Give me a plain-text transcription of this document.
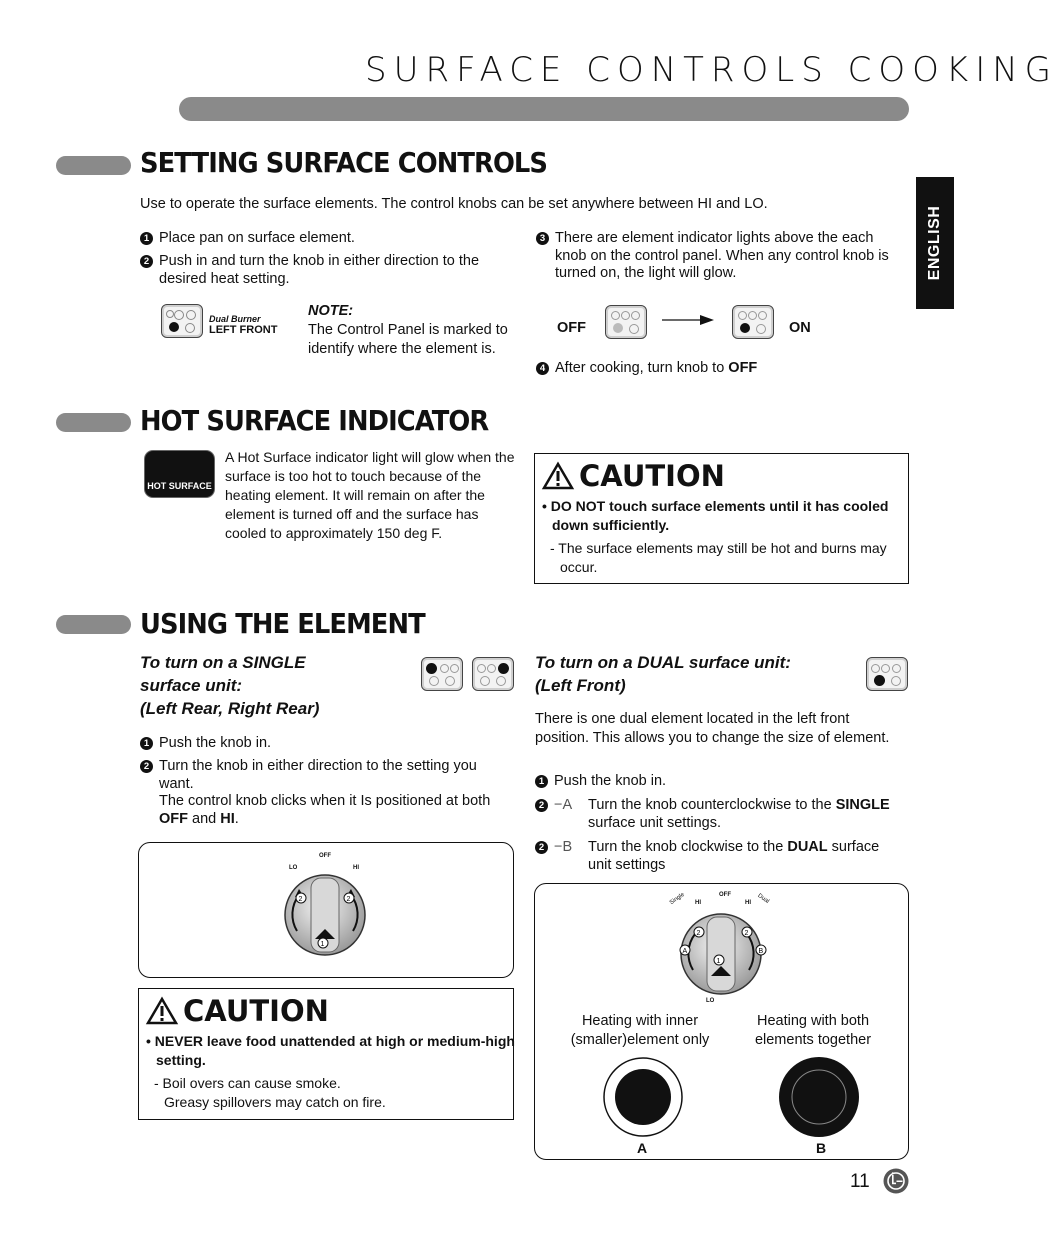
SURFACE CONTROLS COOKING
ENGLISH
SETTING SURFACE CONTROLS
Use to operate the surface elements. The control knobs can be set anywhere between HI and LO.
1 Place pan on surface element.
2 Push in and turn the knob in either direction to the desired heat setting.
Dual Burner
LEFT FRONT
NOTE:
The Control Panel is marked to identify where the element is.
3 There are element indicator lights above the each knob on the control panel. When any control knob is turned on, the light will glow.
OFF	ON
4 After cooking, turn knob to OFF
HOT SURFACE INDICATOR
HOT SURFACE
A Hot Surface indicator light will glow when the surface is too hot to touch because of the heating element. It will remain on after the element is turned off and the surface has cooled to approximately 150 deg F.
CAUTION
• DO NOT touch surface elements until it has cooled down sufficiently.
- The surface elements may still be hot and burns may occur.
USING THE ELEMENT
To turn on a SINGLE
surface unit:
(Left Rear, Right Rear)
1 Push the knob in.
2 Turn the knob in either direction to the setting you want.
The control knob clicks when it Is positioned at both OFF and HI.
2	2
1
OFF
LO	HI
CAUTION
• NEVER leave food unattended at high or medium-high setting.
- Boil overs can cause smoke.
Greasy spillovers may catch on fire.
To turn on a DUAL surface unit:
(Left Front)
There is one dual element located in the left front position. This allows you to change the size of element.
1 Push the knob in.
2 −A	Turn the knob counterclockwise to the SINGLE surface unit settings.
2 −B	Turn the knob clockwise to the DUAL surface unit settings
2	2
A	B
1
OFF
HI	HI
Single	Dual
LO
Heating with inner (smaller)element only
Heating with both elements together
A	B
11
